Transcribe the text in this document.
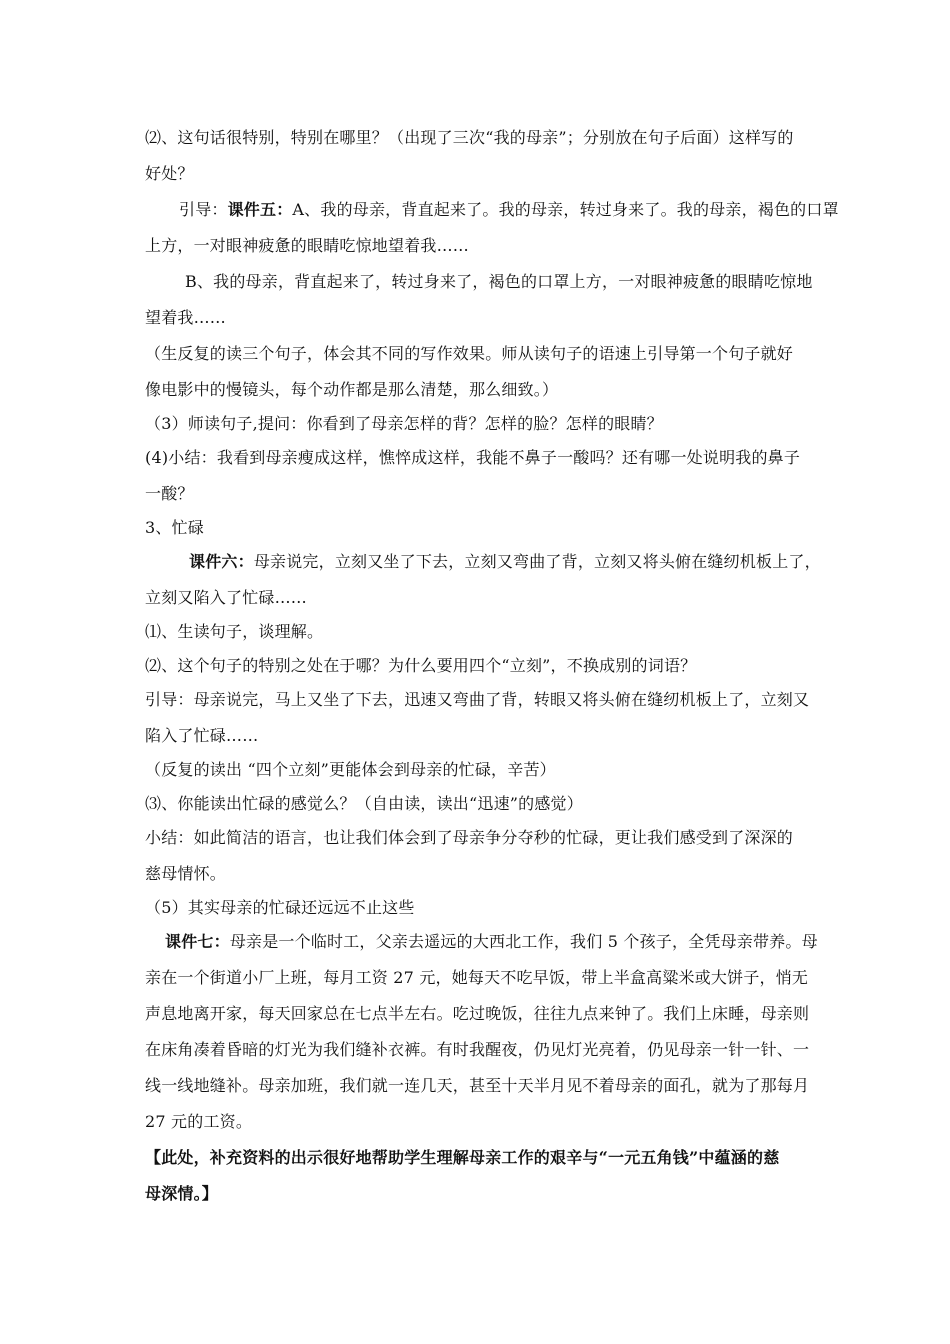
⑵、这句话很特别，特别在哪里？（出现了三次“我的母亲”；分别放在句子后面）这样写的
好处？
引导：课件五：A、我的母亲，背直起来了。我的母亲，转过身来了。我的母亲，褐色的口罩
上方，一对眼神疲惫的眼睛吃惊地望着我……
B、我的母亲，背直起来了，转过身来了，褐色的口罩上方，一对眼神疲惫的眼睛吃惊地
望着我……
（生反复的读三个句子，体会其不同的写作效果。师从读句子的语速上引导第一个句子就好
像电影中的慢镜头，每个动作都是那么清楚，那么细致。）
（3）师读句子,提问：你看到了母亲怎样的背？怎样的脸？怎样的眼睛？
(4)小结：我看到母亲瘦成这样，憔悴成这样，我能不鼻子一酸吗？还有哪一处说明我的鼻子
一酸？
3、忙碌
课件六：母亲说完，立刻又坐了下去，立刻又弯曲了背，立刻又将头俯在缝纫机板上了，
立刻又陷入了忙碌……
⑴、生读句子，谈理解。
⑵、这个句子的特别之处在于哪？为什么要用四个“立刻”，不换成别的词语？
引导：母亲说完，马上又坐了下去，迅速又弯曲了背，转眼又将头俯在缝纫机板上了，立刻又
陷入了忙碌……
（反复的读出 “四个立刻”更能体会到母亲的忙碌，辛苦）
⑶、你能读出忙碌的感觉么？（自由读，读出“迅速”的感觉）
小结：如此简洁的语言，也让我们体会到了母亲争分夺秒的忙碌，更让我们感受到了深深的
慈母情怀。
（5）其实母亲的忙碌还远远不止这些
课件七：母亲是一个临时工，父亲去遥远的大西北工作，我们 5 个孩子，全凭母亲带养。母
亲在一个街道小厂上班，每月工资 27 元，她每天不吃早饭，带上半盒高粱米或大饼子，悄无
声息地离开家，每天回家总在七点半左右。吃过晚饭，往往九点来钟了。我们上床睡，母亲则
在床角凑着昏暗的灯光为我们缝补衣裤。有时我醒夜，仍见灯光亮着，仍见母亲一针一针、一
线一线地缝补。母亲加班，我们就一连几天，甚至十天半月见不着母亲的面孔，就为了那每月
27 元的工资。
【此处，补充资料的出示很好地帮助学生理解母亲工作的艰辛与“一元五角钱”中蕴涵的慈
母深情。】
